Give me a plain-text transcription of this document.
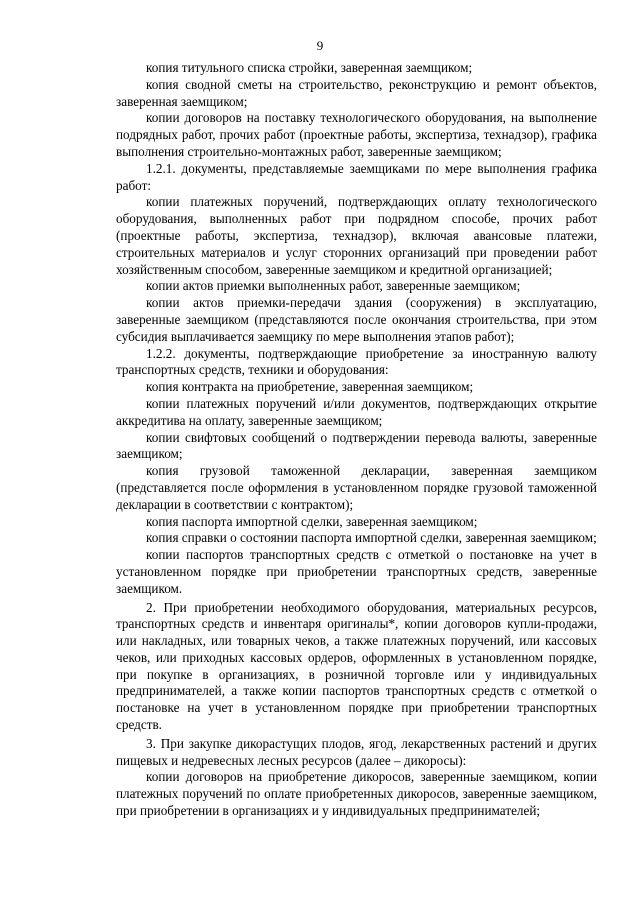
9

копия титульного списка стройки, заверенная заемщиком;

копия сводной сметы на строительство, реконструкцию и ремонт объектов, заверенная заемщиком;

копии договоров на поставку технологического оборудования, на выполнение подрядных работ, прочих работ (проектные работы, экспертиза, технадзор), графика выполнения строительно-монтажных работ, заверенные заемщиком;

1.2.1. документы, представляемые заемщиками по мере выполнения графика работ:

копии платежных поручений, подтверждающих оплату технологического оборудования, выполненных работ при подрядном способе, прочих работ (проектные работы, экспертиза, технадзор), включая авансовые платежи, строительных материалов и услуг сторонних организаций при проведении работ хозяйственным способом, заверенные заемщиком и кредитной организацией;

копии актов приемки выполненных работ, заверенные заемщиком;

копии актов приемки-передачи здания (сооружения) в эксплуатацию, заверенные заемщиком (представляются после окончания строительства, при этом субсидия выплачивается заемщику по мере выполнения этапов работ);

1.2.2. документы, подтверждающие приобретение за иностранную валюту транспортных средств, техники и оборудования:

копия контракта на приобретение, заверенная заемщиком;

копии платежных поручений и/или документов, подтверждающих открытие аккредитива на оплату, заверенные заемщиком;

копии свифтовых сообщений о подтверждении перевода валюты, заверенные заемщиком;

копия грузовой таможенной декларации, заверенная заемщиком (представляется после оформления в установленном порядке грузовой таможенной декларации в соответствии с контрактом);

копия паспорта импортной сделки, заверенная заемщиком;

копия справки о состоянии паспорта импортной сделки, заверенная заемщиком;

копии паспортов транспортных средств с отметкой о постановке на учет в установленном порядке при приобретении транспортных средств, заверенные заемщиком.

2. При приобретении необходимого оборудования, материальных ресурсов, транспортных средств и инвентаря оригиналы*, копии договоров купли-продажи, или накладных, или товарных чеков, а также платежных поручений, или кассовых чеков, или приходных кассовых ордеров, оформленных в установленном порядке, при покупке в организациях, в розничной торговле или у индивидуальных предпринимателей, а также копии паспортов транспортных средств с отметкой о постановке на учет в установленном порядке при приобретении транспортных средств.

3. При закупке дикорастущих плодов, ягод, лекарственных растений и других пищевых и недревесных лесных ресурсов (далее – дикоросы):

копии договоров на приобретение дикоросов, заверенные заемщиком, копии платежных поручений по оплате приобретенных дикоросов, заверенные заемщиком, при приобретении в организациях и у индивидуальных предпринимателей;
